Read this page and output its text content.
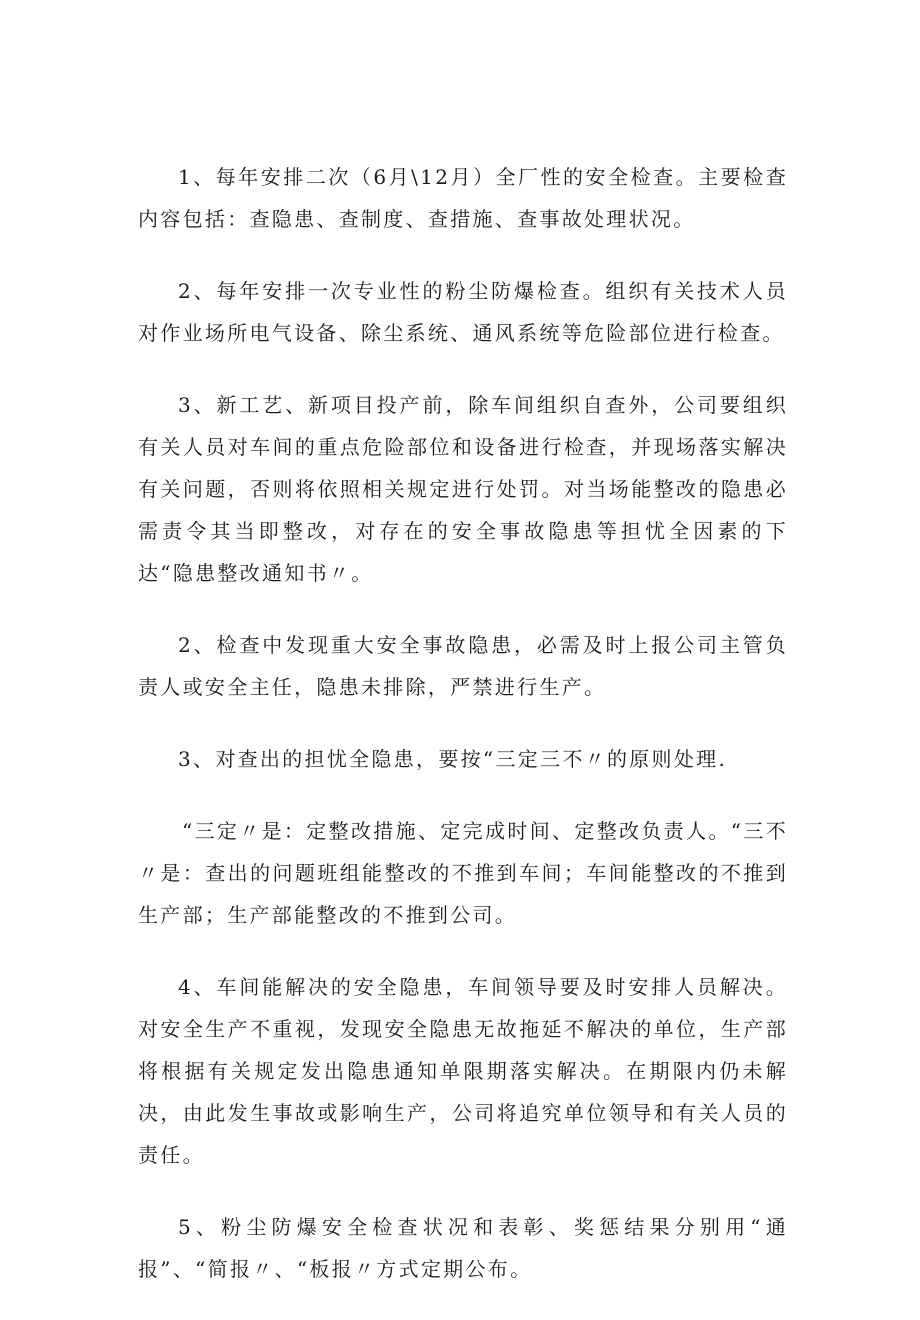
1、每年安排二次（6月\12月）全厂性的安全检查。主要检查内容包括：查隐患、查制度、查措施、查事故处理状况。

2、每年安排一次专业性的粉尘防爆检查。组织有关技术人员对作业场所电气设备、除尘系统、通风系统等危险部位进行检查。

3、新工艺、新项目投产前，除车间组织自查外，公司要组织有关人员对车间的重点危险部位和设备进行检查，并现场落实解决有关问题，否则将依照相关规定进行处罚。对当场能整改的隐患必需责令其当即整改，对存在的安全事故隐患等担忧全因素的下达“隐患整改通知书〃。

2、检查中发现重大安全事故隐患，必需及时上报公司主管负责人或安全主任，隐患未排除，严禁进行生产。

3、对查出的担忧全隐患，要按“三定三不〃的原则处理.

“三定〃是：定整改措施、定完成时间、定整改负责人。“三不〃是：查出的问题班组能整改的不推到车间；车间能整改的不推到生产部；生产部能整改的不推到公司。

4、车间能解决的安全隐患，车间领导要及时安排人员解决。对安全生产不重视，发现安全隐患无故拖延不解决的单位，生产部将根据有关规定发出隐患通知单限期落实解决。在期限内仍未解决，由此发生事故或影响生产，公司将追究单位领导和有关人员的责任。

5、粉尘防爆安全检查状况和表彰、奖惩结果分别用“通报”、“简报〃、“板报〃方式定期公布。
